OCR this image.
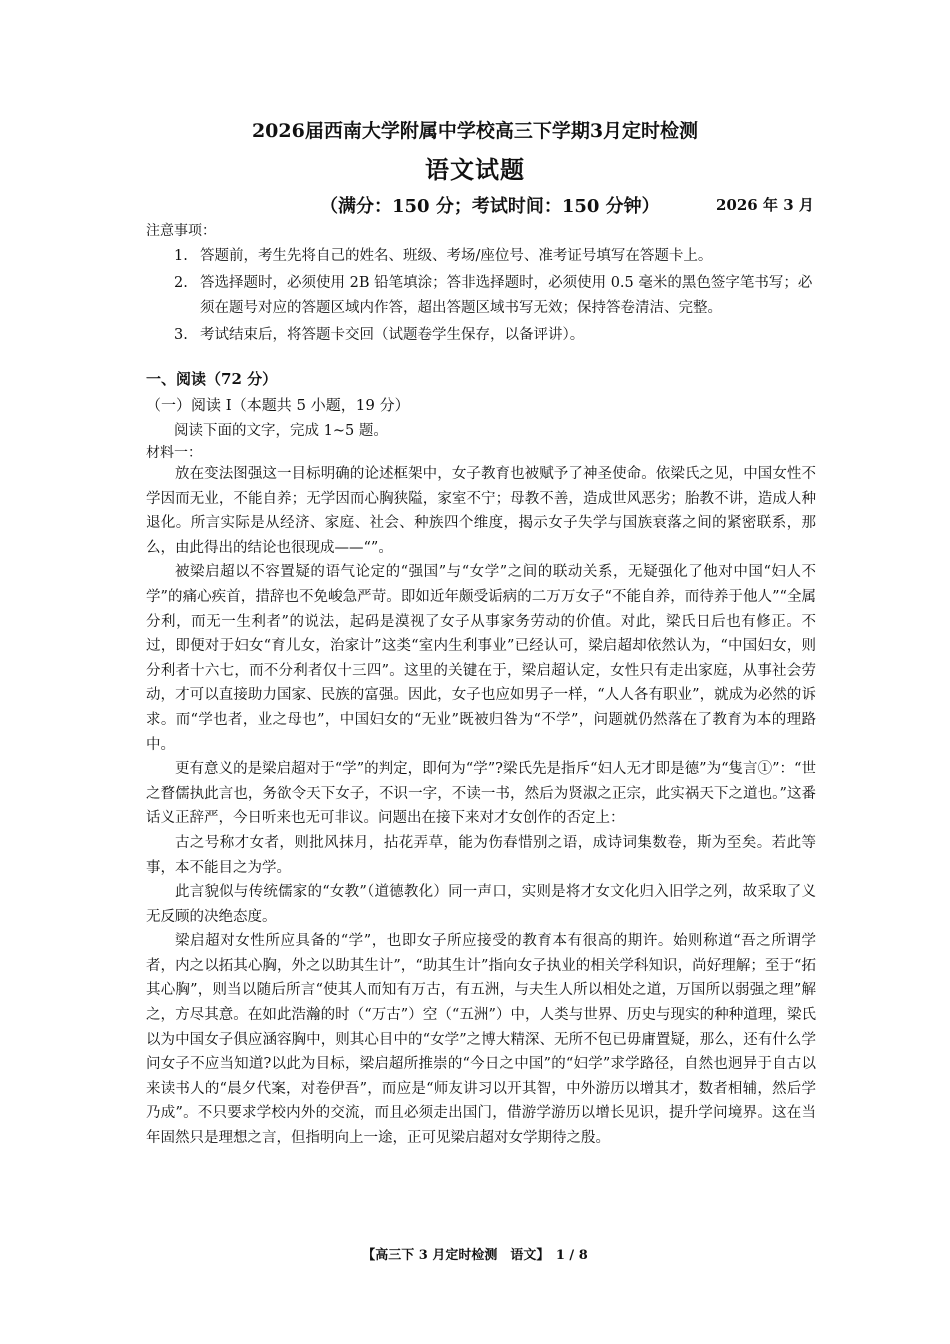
2026届西南大学附属中学校高三下学期3月定时检测
语文试题
（满分：150 分；考试时间：150 分钟）	2026 年 3 月
注意事项：
1. 答题前，考生先将自己的姓名、班级、考场/座位号、准考证号填写在答题卡上。
2. 答选择题时，必须使用 2B 铅笔填涂；答非选择题时，必须使用 0.5 毫米的黑色签字笔书写；必须在题号对应的答题区域内作答，超出答题区域书写无效；保持答卷清洁、完整。
3. 考试结束后，将答题卡交回（试题卷学生保存，以备评讲）。
一、阅读（72 分）
（一）阅读 I（本题共 5 小题，19 分）
阅读下面的文字，完成 1~5 题。
材料一：

放在变法图强这一目标明确的论述框架中，女子教育也被赋予了神圣使命。依梁氏之见，中国女性不学因而无业，不能自养；无学因而心胸狭隘，家室不宁；母教不善，造成世风恶劣；胎教不讲，造成人种退化。所言实际是从经济、家庭、社会、种族四个维度，揭示女子失学与国族衰落之间的紧密联系，那么，由此得出的结论也很现成——“”。

被梁启超以不容置疑的语气论定的“强国”与“女学”之间的联动关系，无疑强化了他对中国“妇人不学”的痛心疾首，措辞也不免峻急严苛。即如近年颇受诟病的二万万女子“不能自养，而待养于他人”“全属分利，而无一生利者”的说法，起码是漠视了女子从事家务劳动的价值。对此，梁氏日后也有修正。不过，即便对于妇女“育儿女，治家计”这类“室内生利事业”已经认可，梁启超却依然认为，“中国妇女，则分利者十六七，而不分利者仅十三四”。这里的关键在于，梁启超认定，女性只有走出家庭，从事社会劳动，才可以直接助力国家、民族的富强。因此，女子也应如男子一样，“人人各有职业”，就成为必然的诉求。而“学也者，业之母也”，中国妇女的“无业”既被归咎为“不学”，问题就仍然落在了教育为本的理路中。

更有意义的是梁启超对于“学”的判定，即何为“学”?梁氏先是指斥“妇人无才即是德”为“隻言①”：“世之瞀儒执此言也，务欲令天下女子，不识一字，不读一书，然后为贤淑之正宗，此实祸天下之道也。”这番话义正辞严，今日听来也无可非议。问题出在接下来对才女创作的否定上：

古之号称才女者，则批风抹月，拈花弄草，能为伤春惜别之语，成诗词集数卷，斯为至矣。若此等事，本不能目之为学。

此言貌似与传统儒家的“女教”（道德教化）同一声口，实则是将才女文化归入旧学之列，故采取了义无反顾的决绝态度。

梁启超对女性所应具备的“学”，也即女子所应接受的教育本有很高的期许。始则称道“吾之所谓学者，内之以拓其心胸，外之以助其生计”，“助其生计”指向女子执业的相关学科知识，尚好理解；至于“拓其心胸”，则当以随后所言“使其人而知有万古，有五洲，与夫生人所以相处之道，万国所以弱强之理”解之，方尽其意。在如此浩瀚的时（“万古”）空（“五洲”）中，人类与世界、历史与现实的种种道理，梁氏以为中国女子俱应涵容胸中，则其心目中的“女学”之博大精深、无所不包已毋庸置疑，那么，还有什么学问女子不应当知道?以此为目标，梁启超所推崇的“今日之中国”的“妇学”求学路径，自然也迥异于自古以来读书人的“晨夕代案，对卷伊吾”，而应是“师友讲习以开其智，中外游历以增其才，数者相辅，然后学乃成”。不只要求学校内外的交流，而且必须走出国门，借游学游历以增长见识，提升学问境界。这在当年固然只是理想之言，但指明向上一途，正可见梁启超对女学期待之殷。

【高三下 3 月定时检测　语文】　1 / 8
